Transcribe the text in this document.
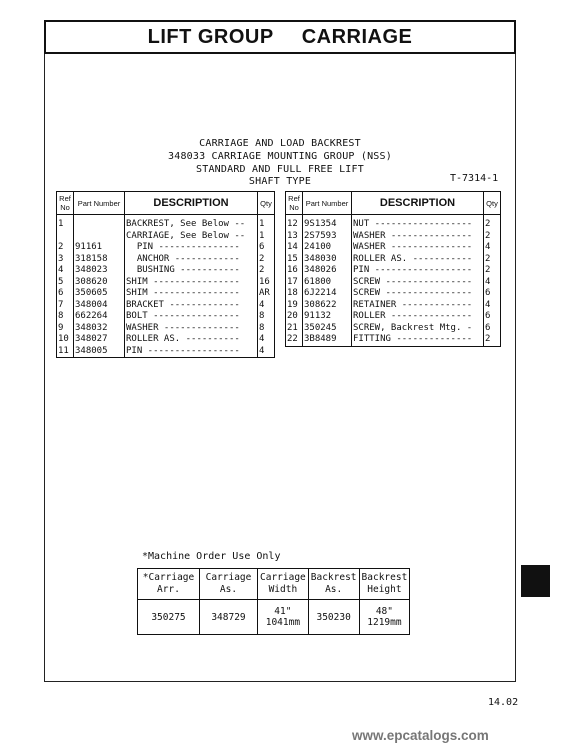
LIFT GROUP CARRIAGE
CARRIAGE AND LOAD BACKREST
348033 CARRIAGE MOUNTING GROUP (NSS)
STANDARD AND FULL FREE LIFT
SHAFT TYPE	T-7314-1
Ref No	Part Number	DESCRIPTION	Qty
1		BACKREST, See Below --	1
		CARRIAGE, See Below --	1
2	91161	PIN ---------------	6
3	318158	ANCHOR ------------	2
4	348023	BUSHING -----------	2
5	308620	SHIM ----------------	16
6	350605	SHIM ----------------	AR
7	348004	BRACKET -------------	4
8	662264	BOLT ----------------	8
9	348032	WASHER --------------	8
10	348027	ROLLER AS. ----------	4
11	348005	PIN -----------------	4
Ref No	Part Number	DESCRIPTION	Qty
12	9S1354	NUT ------------------	2
13	2S7593	WASHER ---------------	2
14	24100	WASHER ---------------	4
15	348030	ROLLER AS. -----------	2
16	348026	PIN ------------------	2
17	61800	SCREW ----------------	4
18	6J2214	SCREW ----------------	6
19	308622	RETAINER -------------	4
20	91132	ROLLER ---------------	6
21	350245	SCREW, Backrest Mtg. -	6
22	3B8489	FITTING --------------	2
*Machine Order Use Only
*Carriage
Arr.	Carriage
As.	Carriage
Width	Backrest
As.	Backrest
Height
350275	348729	41"
1041mm	350230	48"
1219mm
14.02
www.epcatalogs.com
